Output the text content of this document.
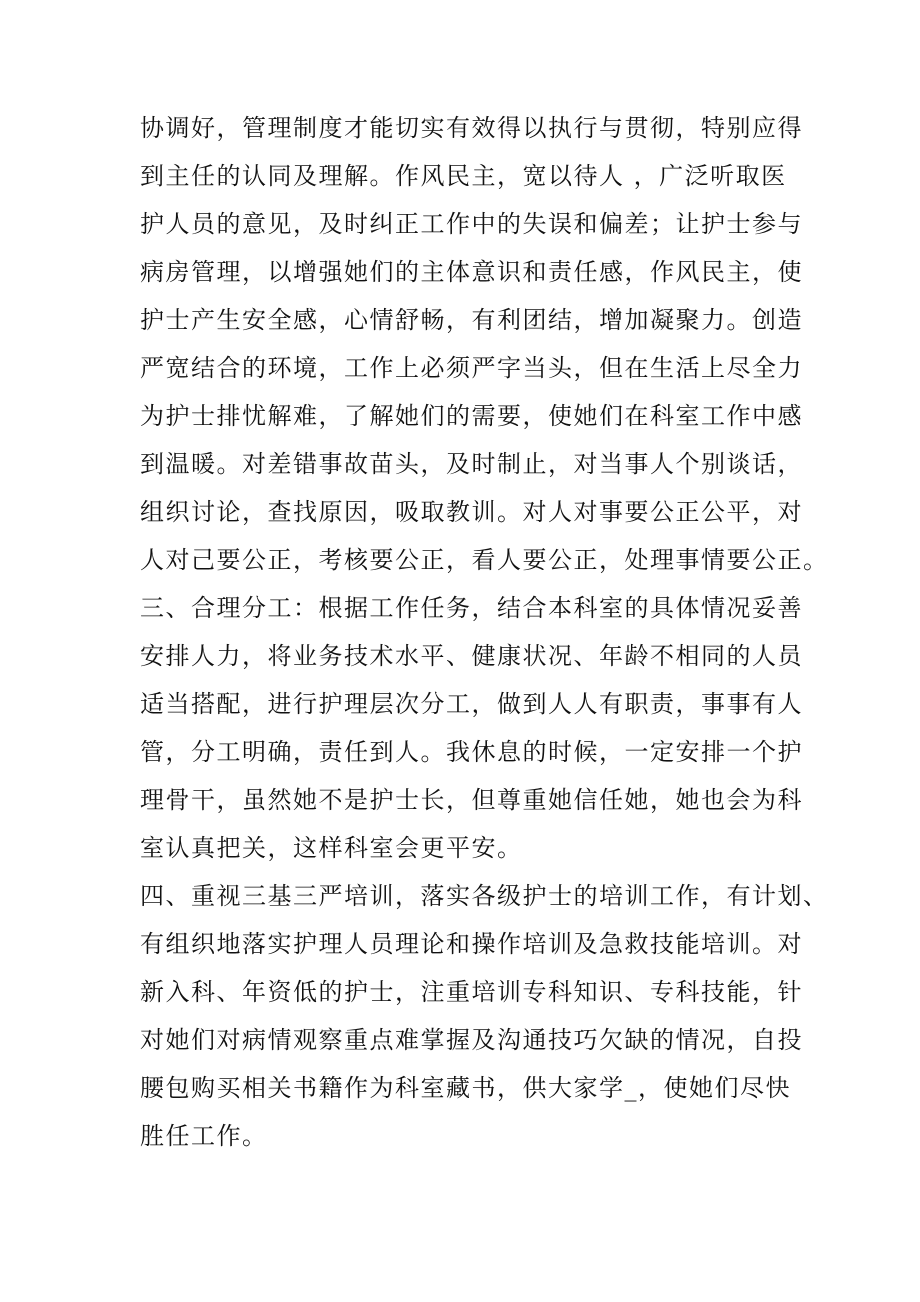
协调好，管理制度才能切实有效得以执行与贯彻，特别应得
到主任的认同及理解。作风民主，宽以待人 ，广泛听取医
护人员的意见，及时纠正工作中的失误和偏差；让护士参与
病房管理，以增强她们的主体意识和责任感，作风民主，使
护士产生安全感，心情舒畅，有利团结，增加凝聚力。创造
严宽结合的环境，工作上必须严字当头，但在生活上尽全力
为护士排忧解难，了解她们的需要，使她们在科室工作中感
到温暖。对差错事故苗头，及时制止，对当事人个别谈话，
组织讨论，查找原因，吸取教训。对人对事要公正公平，对
人对己要公正，考核要公正，看人要公正，处理事情要公正。
三、合理分工：根据工作任务，结合本科室的具体情况妥善
安排人力，将业务技术水平、健康状况、年龄不相同的人员
适当搭配，进行护理层次分工，做到人人有职责，事事有人
管，分工明确，责任到人。我休息的时候，一定安排一个护
理骨干，虽然她不是护士长，但尊重她信任她，她也会为科
室认真把关，这样科室会更平安。
四、重视三基三严培训，落实各级护士的培训工作，有计划、
有组织地落实护理人员理论和操作培训及急救技能培训。对
新入科、年资低的护士，注重培训专科知识、专科技能，针
对她们对病情观察重点难掌握及沟通技巧欠缺的情况，自投
腰包购买相关书籍作为科室藏书，供大家学_，使她们尽快
胜任工作。
